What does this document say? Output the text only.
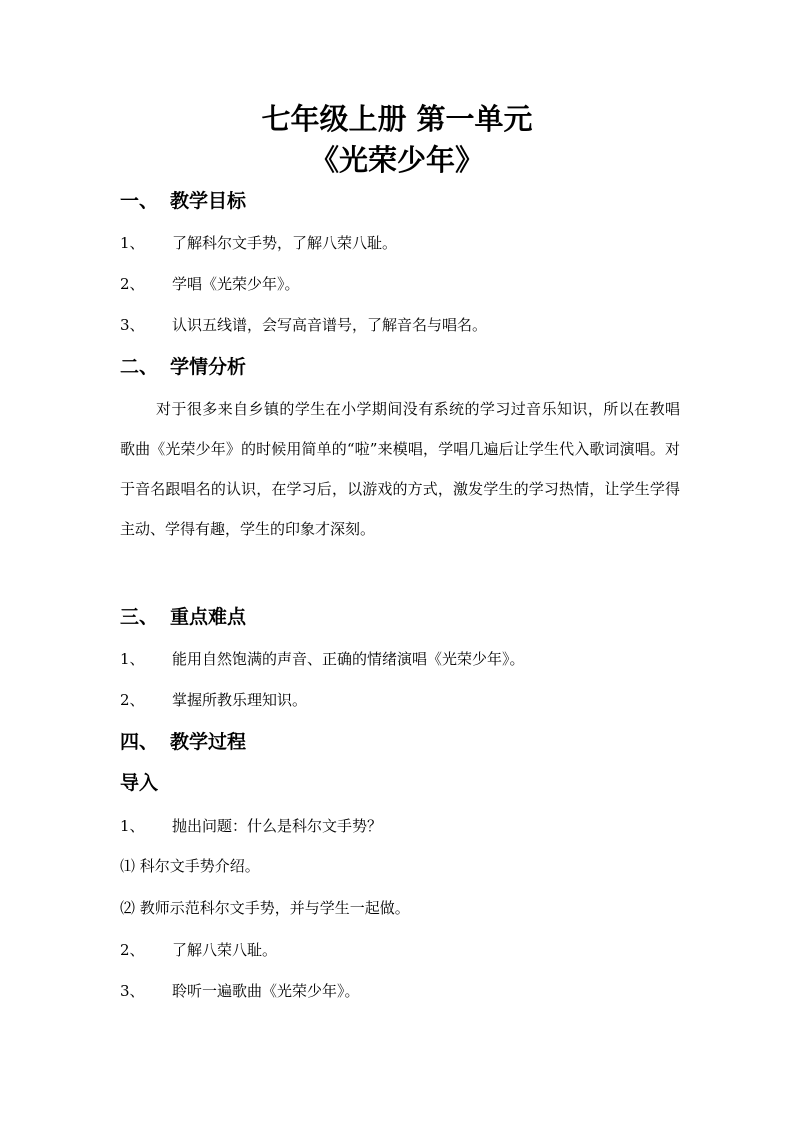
七年级上册 第一单元
《光荣少年》
一、 教学目标
1、 了解科尔文手势，了解八荣八耻。
2、 学唱《光荣少年》。
3、 认识五线谱，会写高音谱号，了解音名与唱名。
二、 学情分析
对于很多来自乡镇的学生在小学期间没有系统的学习过音乐知识，所以在教唱歌曲《光荣少年》的时候用简单的“啦”来模唱，学唱几遍后让学生代入歌词演唱。对于音名跟唱名的认识，在学习后，以游戏的方式，激发学生的学习热情，让学生学得主动、学得有趣，学生的印象才深刻。
三、 重点难点
1、 能用自然饱满的声音、正确的情绪演唱《光荣少年》。
2、 掌握所教乐理知识。
四、 教学过程
导入
1、 抛出问题：什么是科尔文手势？
⑴ 科尔文手势介绍。
⑵ 教师示范科尔文手势，并与学生一起做。
2、 了解八荣八耻。
3、 聆听一遍歌曲《光荣少年》。
